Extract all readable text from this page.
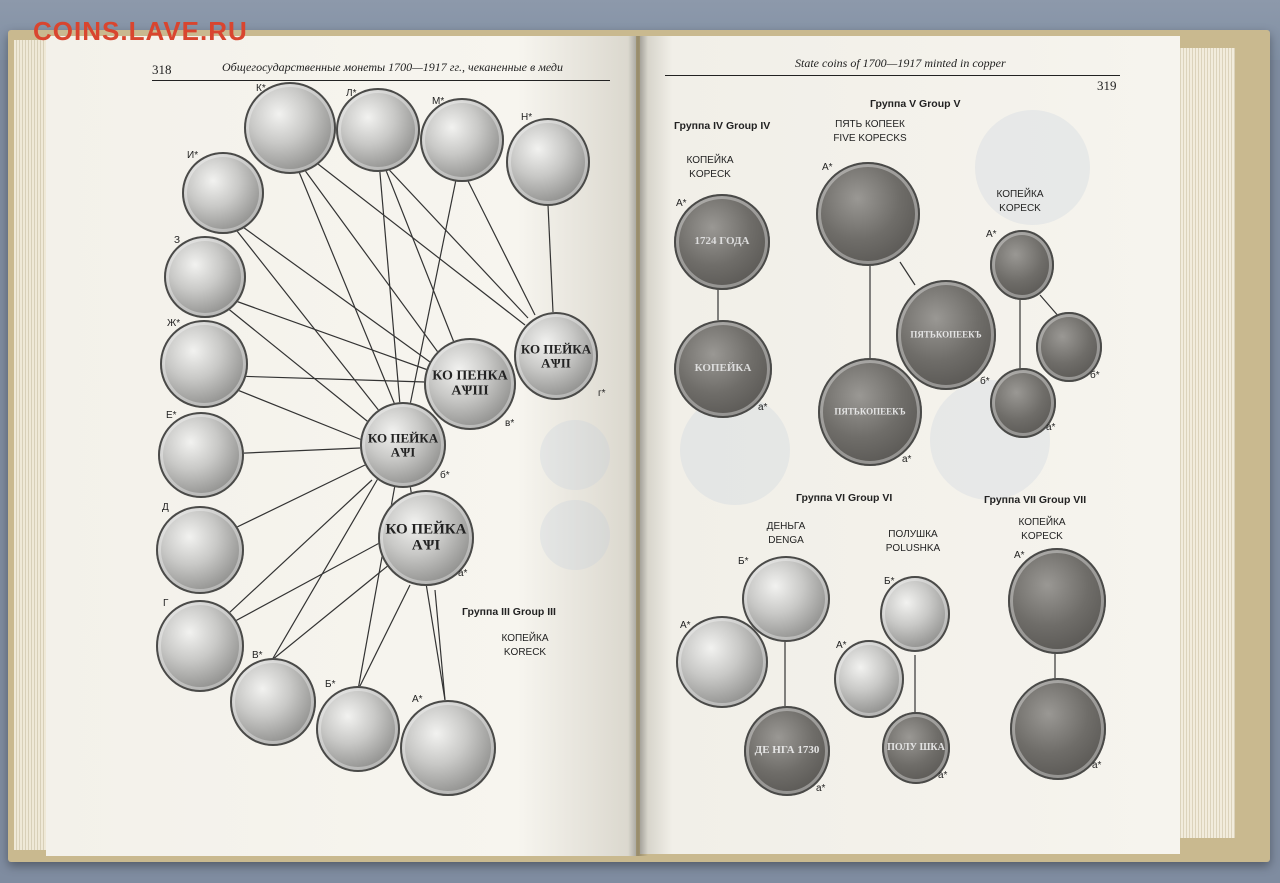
COINS.LAVE.RU
318	Общегосударственные монеты 1700—1917 гг., чеканенные в меди	State coins of 1700—1917 minted in copper
319
КО ПЕЙКА АѰII
КО ПЕНКА АѰIII
КО ПЕЙКА АѰI
КО ПЕЙКА АѰI
К*	Л*
М*
Н*
И*
З
Ж*
Е*
Д
Г
В*
Б*
А*
г*
в*
б*
а*
Группа III Group III
КОПЕЙКА
KORECK
Группа IV Group IV
КОПЕЙКА
KOPECK
А*
1724 ГОДА
КОПЕЙКА
а*
Группа V Group V
ПЯТЬ КОПЕЕК
FIVE KOPECKS
А*
ПЯТЬКОПЕЕКЪ
б*
ПЯТЬКОПЕЕКЪ
а*
КОПЕЙКА
KOPECK
А*
б*
а*
Группа VI Group VI
ДЕНЬГА
DENGA
ПОЛУШКА
POLUSHKA
Б*
А*
ДЕ НГА 1730
а*
Б*
А*
ПОЛУ ШКА
а*
Группа VII Group VII
КОПЕЙКА
KOPECK
А*
а*
